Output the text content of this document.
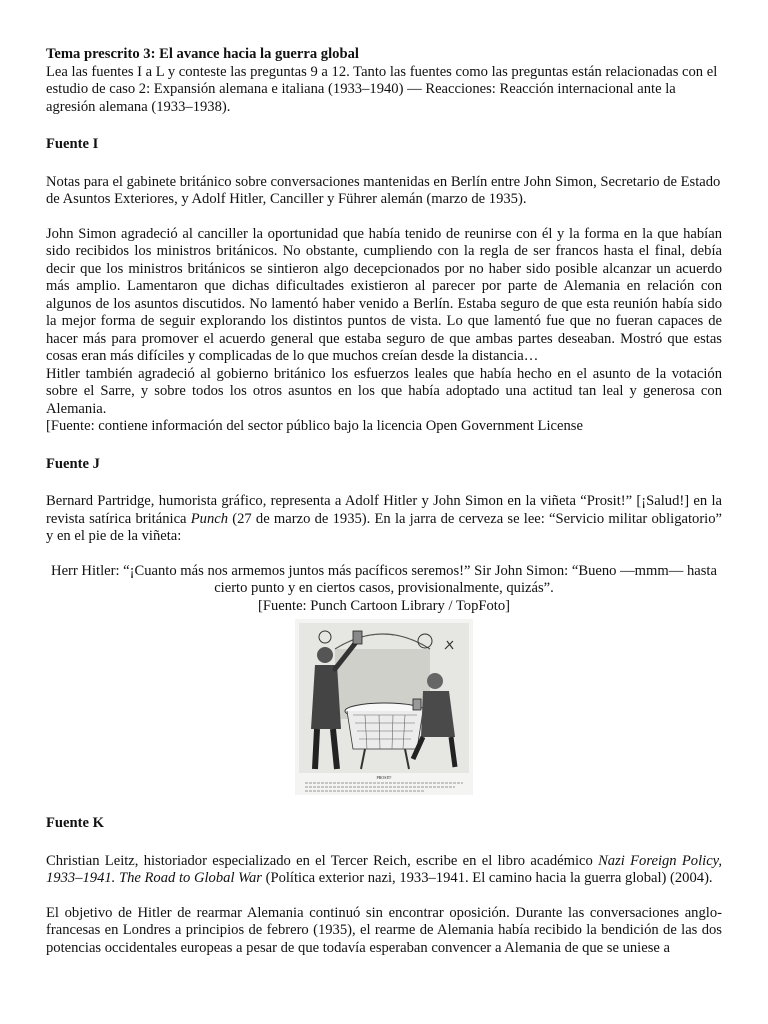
Tema prescrito 3: El avance hacia la guerra global

Lea las fuentes I a L y conteste las preguntas 9 a 12. Tanto las fuentes como las preguntas están relacionadas con el estudio de caso 2: Expansión alemana e italiana (1933–1940) — Reacciones: Reacción internacional ante la agresión alemana (1933–1938).

Fuente I

Notas para el gabinete británico sobre conversaciones mantenidas en Berlín entre John Simon, Secretario de Estado de Asuntos Exteriores, y Adolf Hitler, Canciller y Führer alemán (marzo de 1935).

John Simon agradeció al canciller la oportunidad que había tenido de reunirse con él y la forma en la que habían sido recibidos los ministros británicos. No obstante, cumpliendo con la regla de ser francos hasta el final, debía decir que los ministros británicos se sintieron algo decepcionados por no haber sido posible alcanzar un acuerdo más amplio. Lamentaron que dichas dificultades existieron al parecer por parte de Alemania en relación con algunos de los asuntos discutidos. No lamentó haber venido a Berlín. Estaba seguro de que esta reunión había sido la mejor forma de seguir explorando los distintos puntos de vista. Lo que lamentó fue que no fueran capaces de hacer más para promover el acuerdo general que estaba seguro de que ambas partes deseaban. Mostró que estas cosas eran más difíciles y complicadas de lo que muchos creían desde la distancia…

Hitler también agradeció al gobierno británico los esfuerzos leales que había hecho en el asunto de la votación sobre el Sarre, y sobre todos los otros asuntos en los que había adoptado una actitud tan leal y generosa con Alemania.

[Fuente: contiene información del sector público bajo la licencia Open Government License

Fuente J

Bernard Partridge, humorista gráfico, representa a Adolf Hitler y John Simon en la viñeta “Prosit!” [¡Salud!] en la revista satírica británica Punch (27 de marzo de 1935). En la jarra de cerveza se lee: “Servicio militar obligatorio” y en el pie de la viñeta:

Herr Hitler: “¡Cuanto más nos armemos juntos más pacíficos seremos!” Sir John Simon: “Bueno —mmm— hasta cierto punto y en ciertos casos, provisionalmente, quizás”.

[Fuente: Punch Cartoon Library / TopFoto]

PROSIT!

Fuente K

Christian Leitz, historiador especializado en el Tercer Reich, escribe en el libro académico Nazi Foreign Policy, 1933–1941. The Road to Global War (Política exterior nazi, 1933–1941. El camino hacia la guerra global) (2004).

El objetivo de Hitler de rearmar Alemania continuó sin encontrar oposición. Durante las conversaciones anglo-francesas en Londres a principios de febrero (1935), el rearme de Alemania había recibido la bendición de las dos potencias occidentales europeas a pesar de que todavía esperaban convencer a Alemania de que se uniese a
